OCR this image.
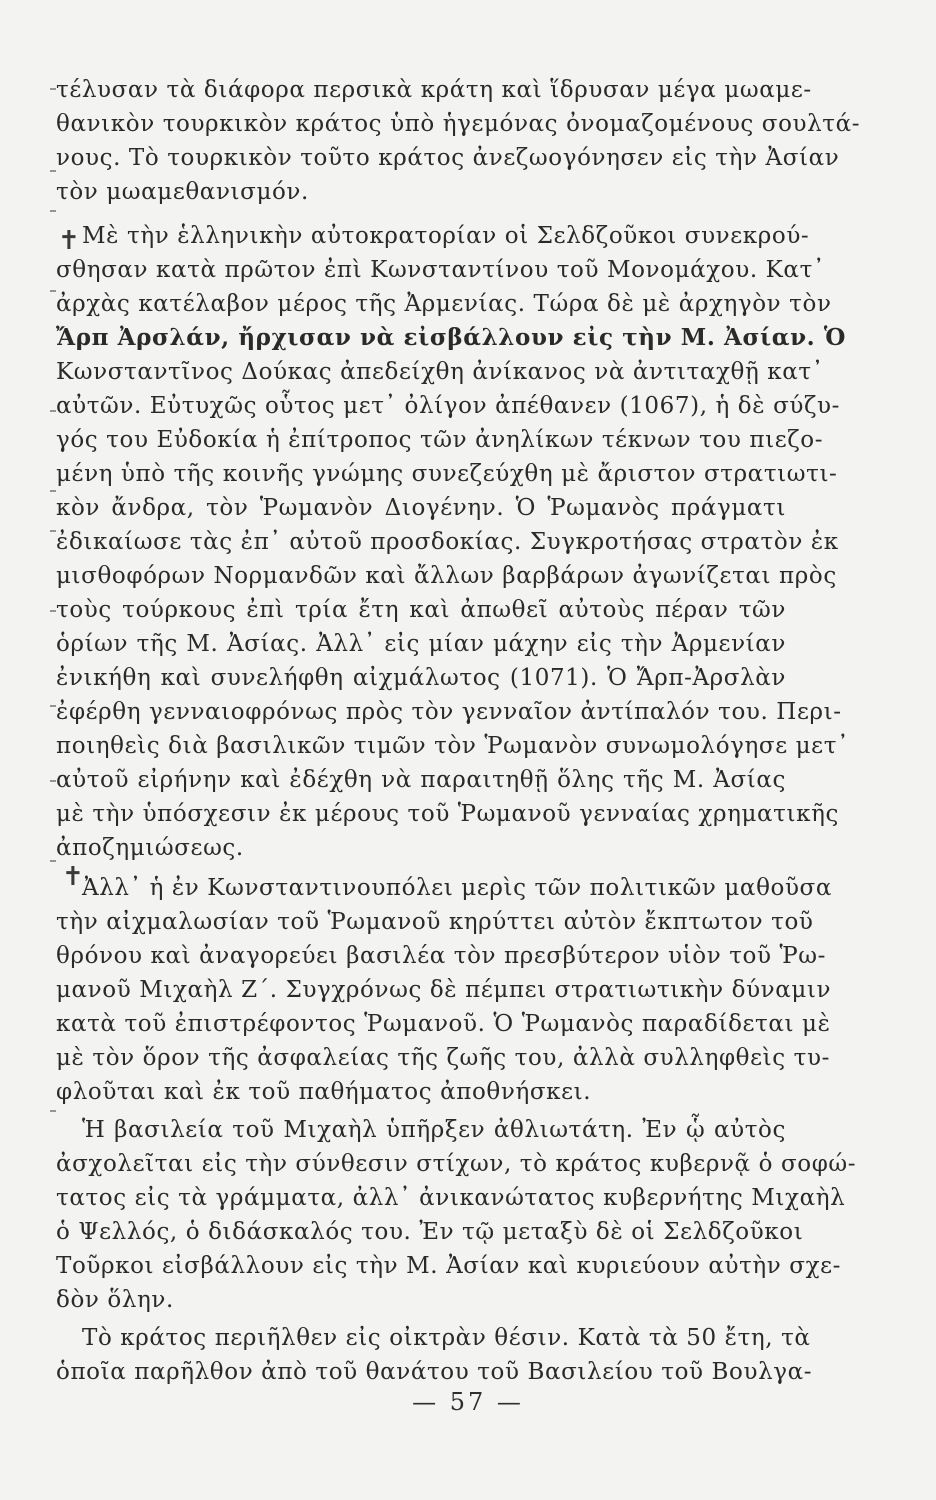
✝
✝
τέλυσαν τὰ διάφορα περσικὰ κράτη καὶ ἵδρυσαν μέγα μωαμε-
θανικὸν τουρκικὸν κράτος ὑπὸ ἡγεμόνας ὀνομαζομένους σουλτά-
νους. Τὸ τουρκικὸν τοῦτο κράτος ἀνεζωογόνησεν εἰς τὴν Ἀσίαν
τὸν μωαμεθανισμόν.
Μὲ τὴν ἑλληνικὴν αὐτοκρατορίαν οἱ Σελδζοῦκοι συνεκρού-
σθησαν κατὰ πρῶτον ἐπὶ Κωνσταντίνου τοῦ Μονομάχου. Κατ᾽
ἀρχὰς κατέλαβον μέρος τῆς Ἀρμενίας. Τώρα δὲ μὲ ἀρχηγὸν τὸν
Ἄρπ Ἀρσλάν, ἤρχισαν νὰ εἰσβάλλουν εἰς τὴν Μ. Ἀσίαν. Ὁ
Κωνσταντῖνος Δούκας ἀπεδείχθη ἀνίκανος νὰ ἀντιταχθῇ κατ᾽
αὐτῶν. Εὐτυχῶς οὗτος μετ᾽ ὀλίγον ἀπέθανεν (1067), ἡ δὲ σύζυ-
γός του Εὐδοκία ἡ ἐπίτροπος τῶν ἀνηλίκων τέκνων του πιεζο-
μένη ὑπὸ τῆς κοινῆς γνώμης συνεζεύχθη μὲ ἄριστον στρατιωτι-
κὸν ἄνδρα, τὸν Ῥωμανὸν Διογένην. Ὁ Ῥωμανὸς πράγματι
ἐδικαίωσε τὰς ἐπ᾽ αὐτοῦ προσδοκίας. Συγκροτήσας στρατὸν ἐκ
μισθοφόρων Νορμανδῶν καὶ ἄλλων βαρβάρων ἀγωνίζεται πρὸς
τοὺς τούρκους ἐπὶ τρία ἔτη καὶ ἀπωθεῖ αὐτοὺς πέραν τῶν
ὁρίων τῆς Μ. Ἀσίας. Ἀλλ᾽ εἰς μίαν μάχην εἰς τὴν Ἀρμενίαν
ἐνικήθη καὶ συνελήφθη αἰχμάλωτος (1071). Ὁ Ἄρπ-Ἀρσλὰν
ἐφέρθη γενναιοφρόνως πρὸς τὸν γενναῖον ἀντίπαλόν του. Περι-
ποιηθεὶς διὰ βασιλικῶν τιμῶν τὸν Ῥωμανὸν συνωμολόγησε μετ᾽
αὐτοῦ εἰρήνην καὶ ἐδέχθη νὰ παραιτηθῇ ὅλης τῆς Μ. Ἀσίας
μὲ τὴν ὑπόσχεσιν ἐκ μέρους τοῦ Ῥωμανοῦ γενναίας χρηματικῆς
ἀποζημιώσεως.
Ἀλλ᾽ ἡ ἐν Κωνσταντινουπόλει μερὶς τῶν πολιτικῶν μαθοῦσα
τὴν αἰχμαλωσίαν τοῦ Ῥωμανοῦ κηρύττει αὐτὸν ἔκπτωτον τοῦ
θρόνου καὶ ἀναγορεύει βασιλέα τὸν πρεσβύτερον υἱὸν τοῦ Ῥω-
μανοῦ Μιχαὴλ Ζ΄. Συγχρόνως δὲ πέμπει στρατιωτικὴν δύναμιν
κατὰ τοῦ ἐπιστρέφοντος Ῥωμανοῦ. Ὁ Ῥωμανὸς παραδίδεται μὲ
μὲ τὸν ὅρον τῆς ἀσφαλείας τῆς ζωῆς του, ἀλλὰ συλληφθεὶς τυ-
φλοῦται καὶ ἐκ τοῦ παθήματος ἀποθνήσκει.
Ἡ βασιλεία τοῦ Μιχαὴλ ὑπῆρξεν ἀθλιωτάτη. Ἐν ᾧ αὐτὸς
ἀσχολεῖται εἰς τὴν σύνθεσιν στίχων, τὸ κράτος κυβερνᾷ ὁ σοφώ-
τατος εἰς τὰ γράμματα, ἀλλ᾽ ἀνικανώτατος κυβερνήτης Μιχαὴλ
ὁ Ψελλός, ὁ διδάσκαλός του. Ἐν τῷ μεταξὺ δὲ οἱ Σελδζοῦκοι
Τοῦρκοι εἰσβάλλουν εἰς τὴν Μ. Ἀσίαν καὶ κυριεύουν αὐτὴν σχε-
δὸν ὅλην.
Τὸ κράτος περιῆλθεν εἰς οἰκτρὰν θέσιν. Κατὰ τὰ 50 ἔτη, τὰ
ὁποῖα παρῆλθον ἀπὸ τοῦ θανάτου τοῦ Βασιλείου τοῦ Βουλγα-
— 57 —
